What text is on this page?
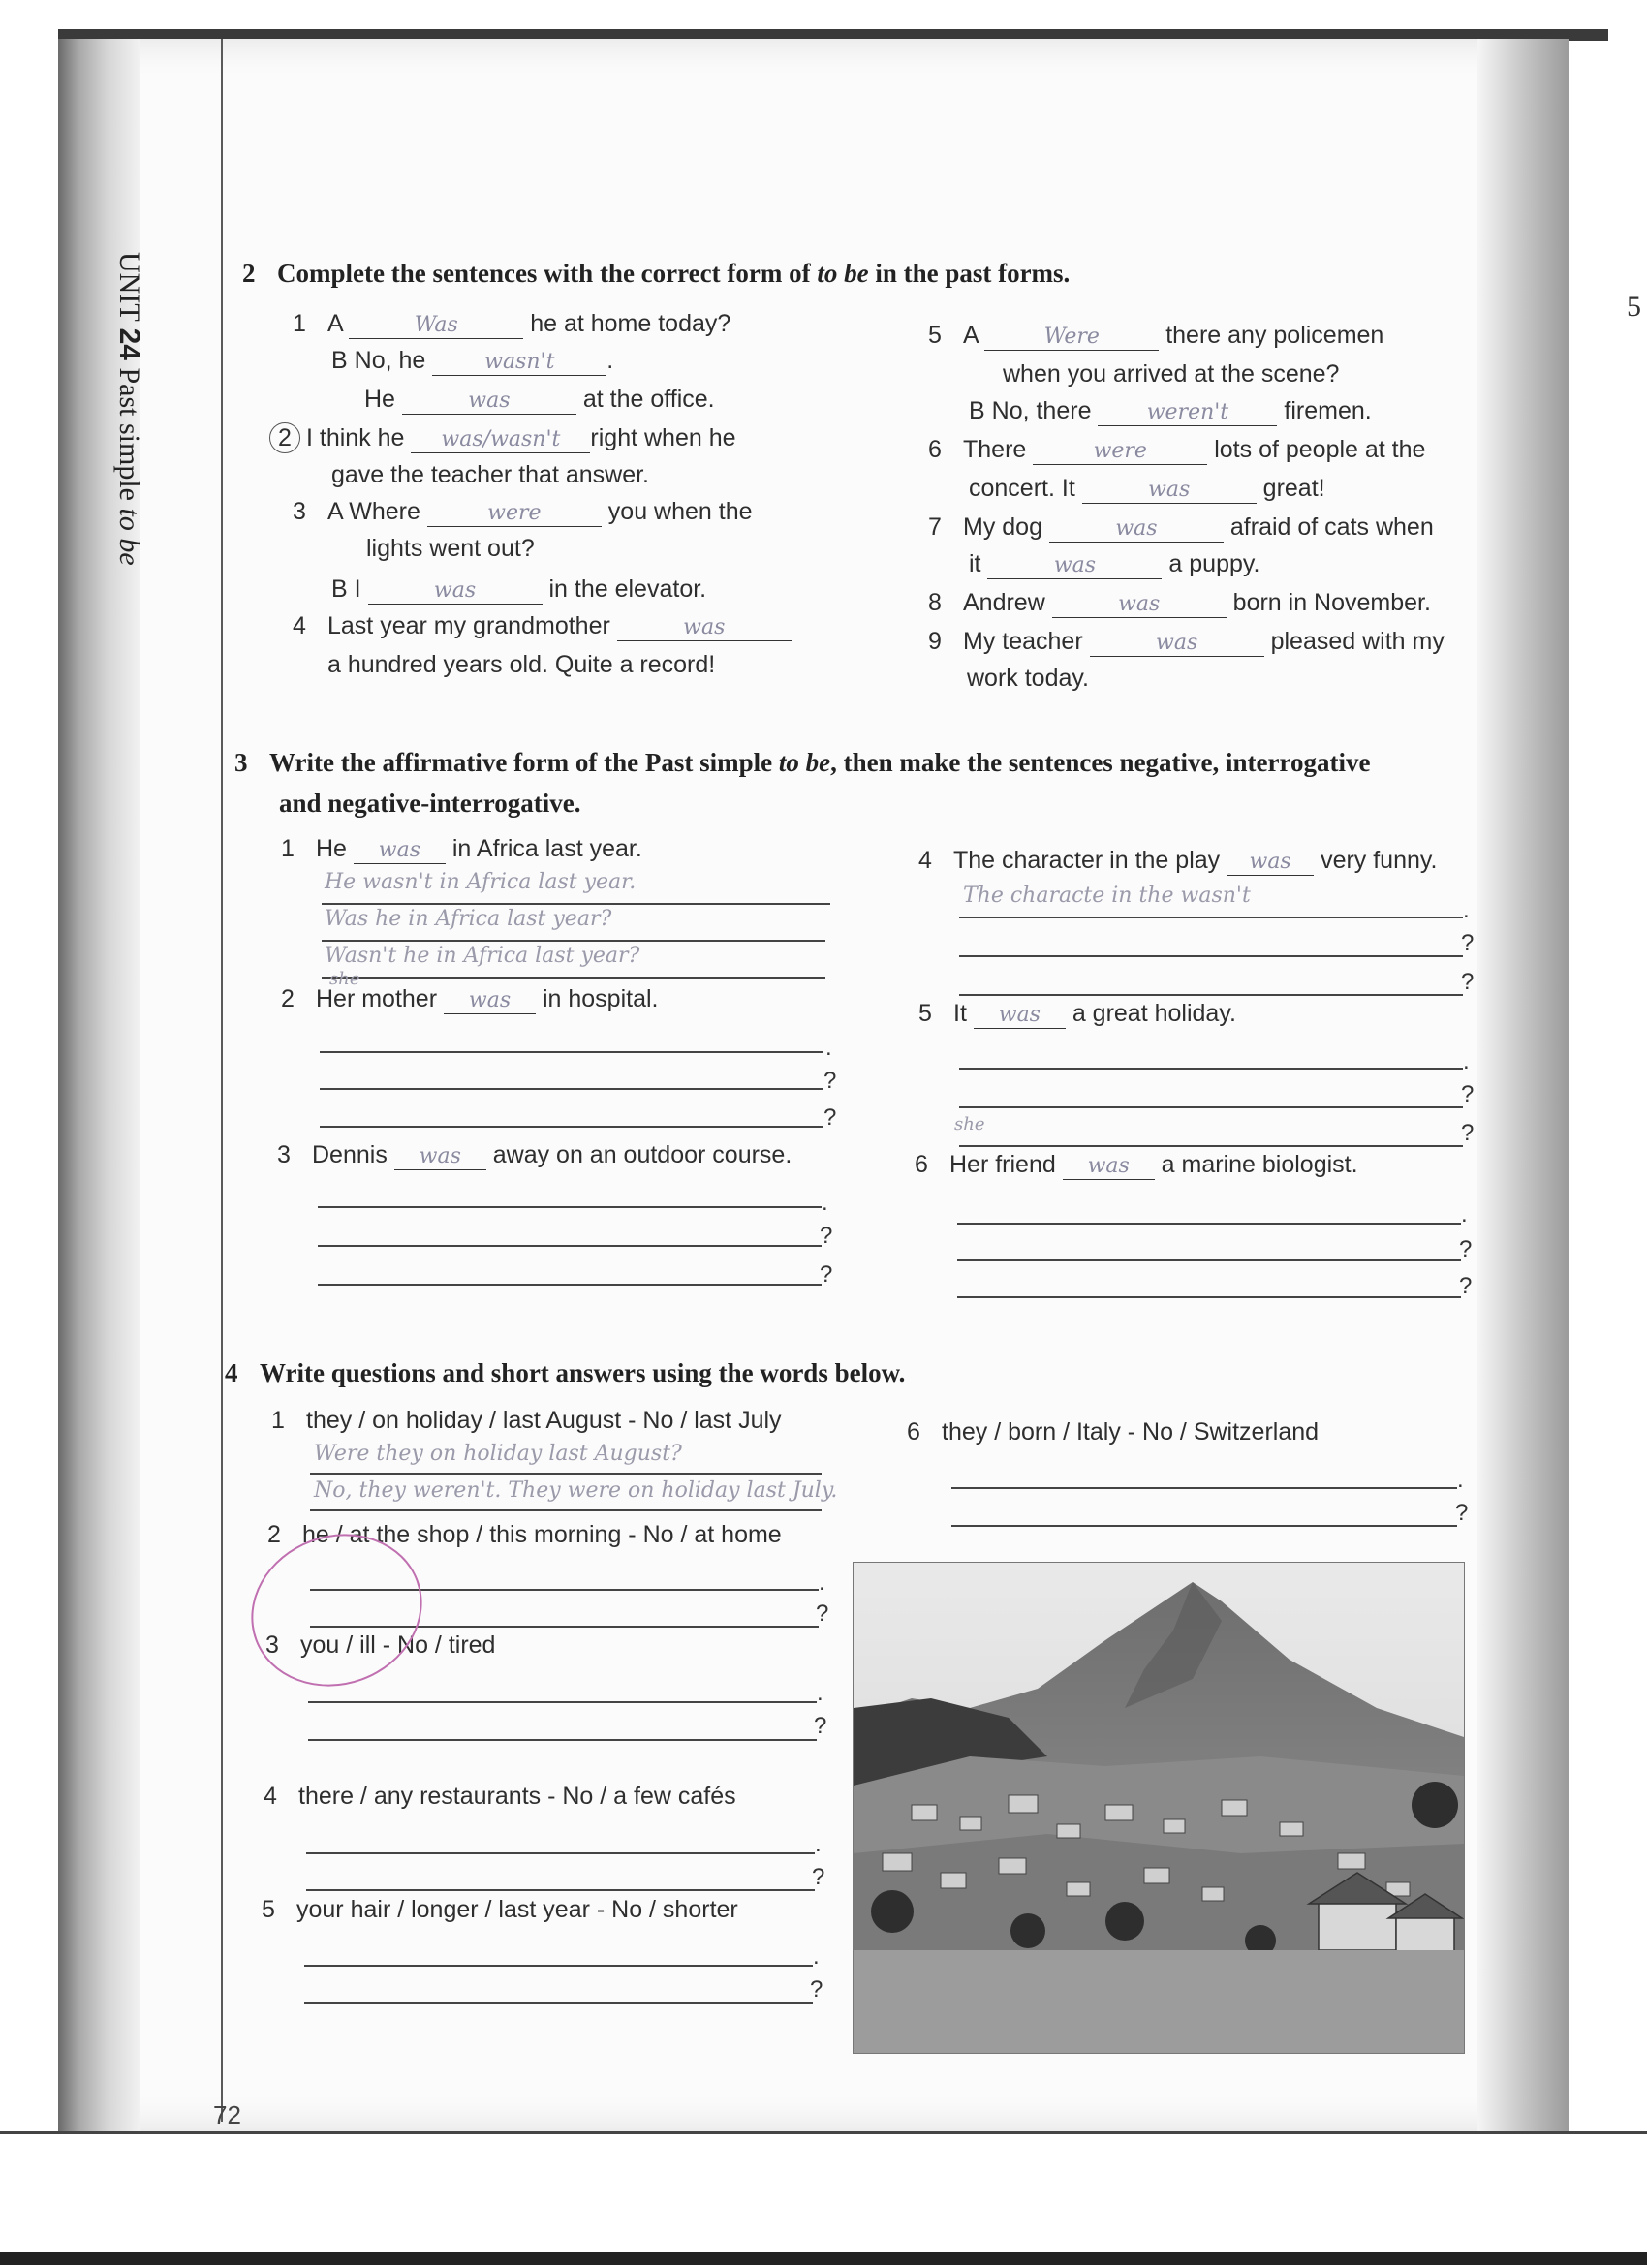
5
UNIT 24 Past simple to be
2 Complete the sentences with the correct form of to be in the past forms.
1 A	Was	he at home today?
B No, he	wasn't .
He	was	at the office.
2 I think he was/wasn't right when he
gave the teacher that answer.
3 A Where	were	you when the
lights went out?
B I	was	in the elevator.
4 Last year my grandmother	was
a hundred years old. Quite a record!
5 A	Were	there any policemen
when you arrived at the scene?
B No, there	weren't firemen.
6 There	were	lots of people at the
concert. It	was	great!
7 My dog	was	afraid of cats when
it	was	a puppy.
8 Andrew	was	born in November.
9 My teacher	was	pleased with my
work today.
3 Write the affirmative form of the Past simple to be, then make the sentences negative, interrogative
and negative-interrogative.
1 He was in Africa last year.
He wasn't in Africa last year.
Was he in Africa last year?
Wasn't he in Africa last year?
she
2 Her mother was in hospital.
.
?
?
3 Dennis was away on an outdoor course.
.
?
?
4 The character in the play was very funny.
The characte in the wasn't
.
?
?
5 It was a great holiday.
.
?
she	?
6 Her friend was a marine biologist.
.
?
?
4 Write questions and short answers using the words below.
1 they / on holiday / last August - No / last July
Were they on holiday last August?
No, they weren't. They were on holiday last July.
2 he / at the shop / this morning - No / at home
.
?
3 you / ill - No / tired
.
?
4 there / any restaurants - No / a few cafés
.
?
5 your hair / longer / last year - No / shorter
.
?
6 they / born / Italy - No / Switzerland
.
?
72
